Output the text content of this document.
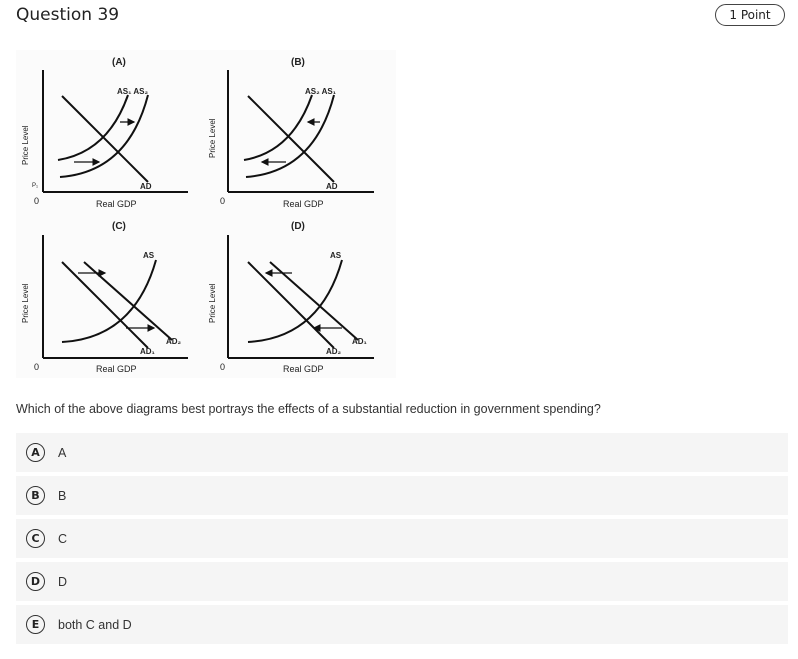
Question 39	1 Point
(A)
Price Level
P₁
0	Real GDP
AS₁ AS₂
AD
(B)
Price Level
0	Real GDP
AS₂ AS₁
AD
(C)
Price Level
0	Real GDP
AS
AD₁
AD₂
(D)
Price Level
0	Real GDP
AS
AD₂
AD₁
Which of the above diagrams best portrays the effects of a substantial reduction in government spending?
A	A
B	B
C	C
D	D
E	both C and D
